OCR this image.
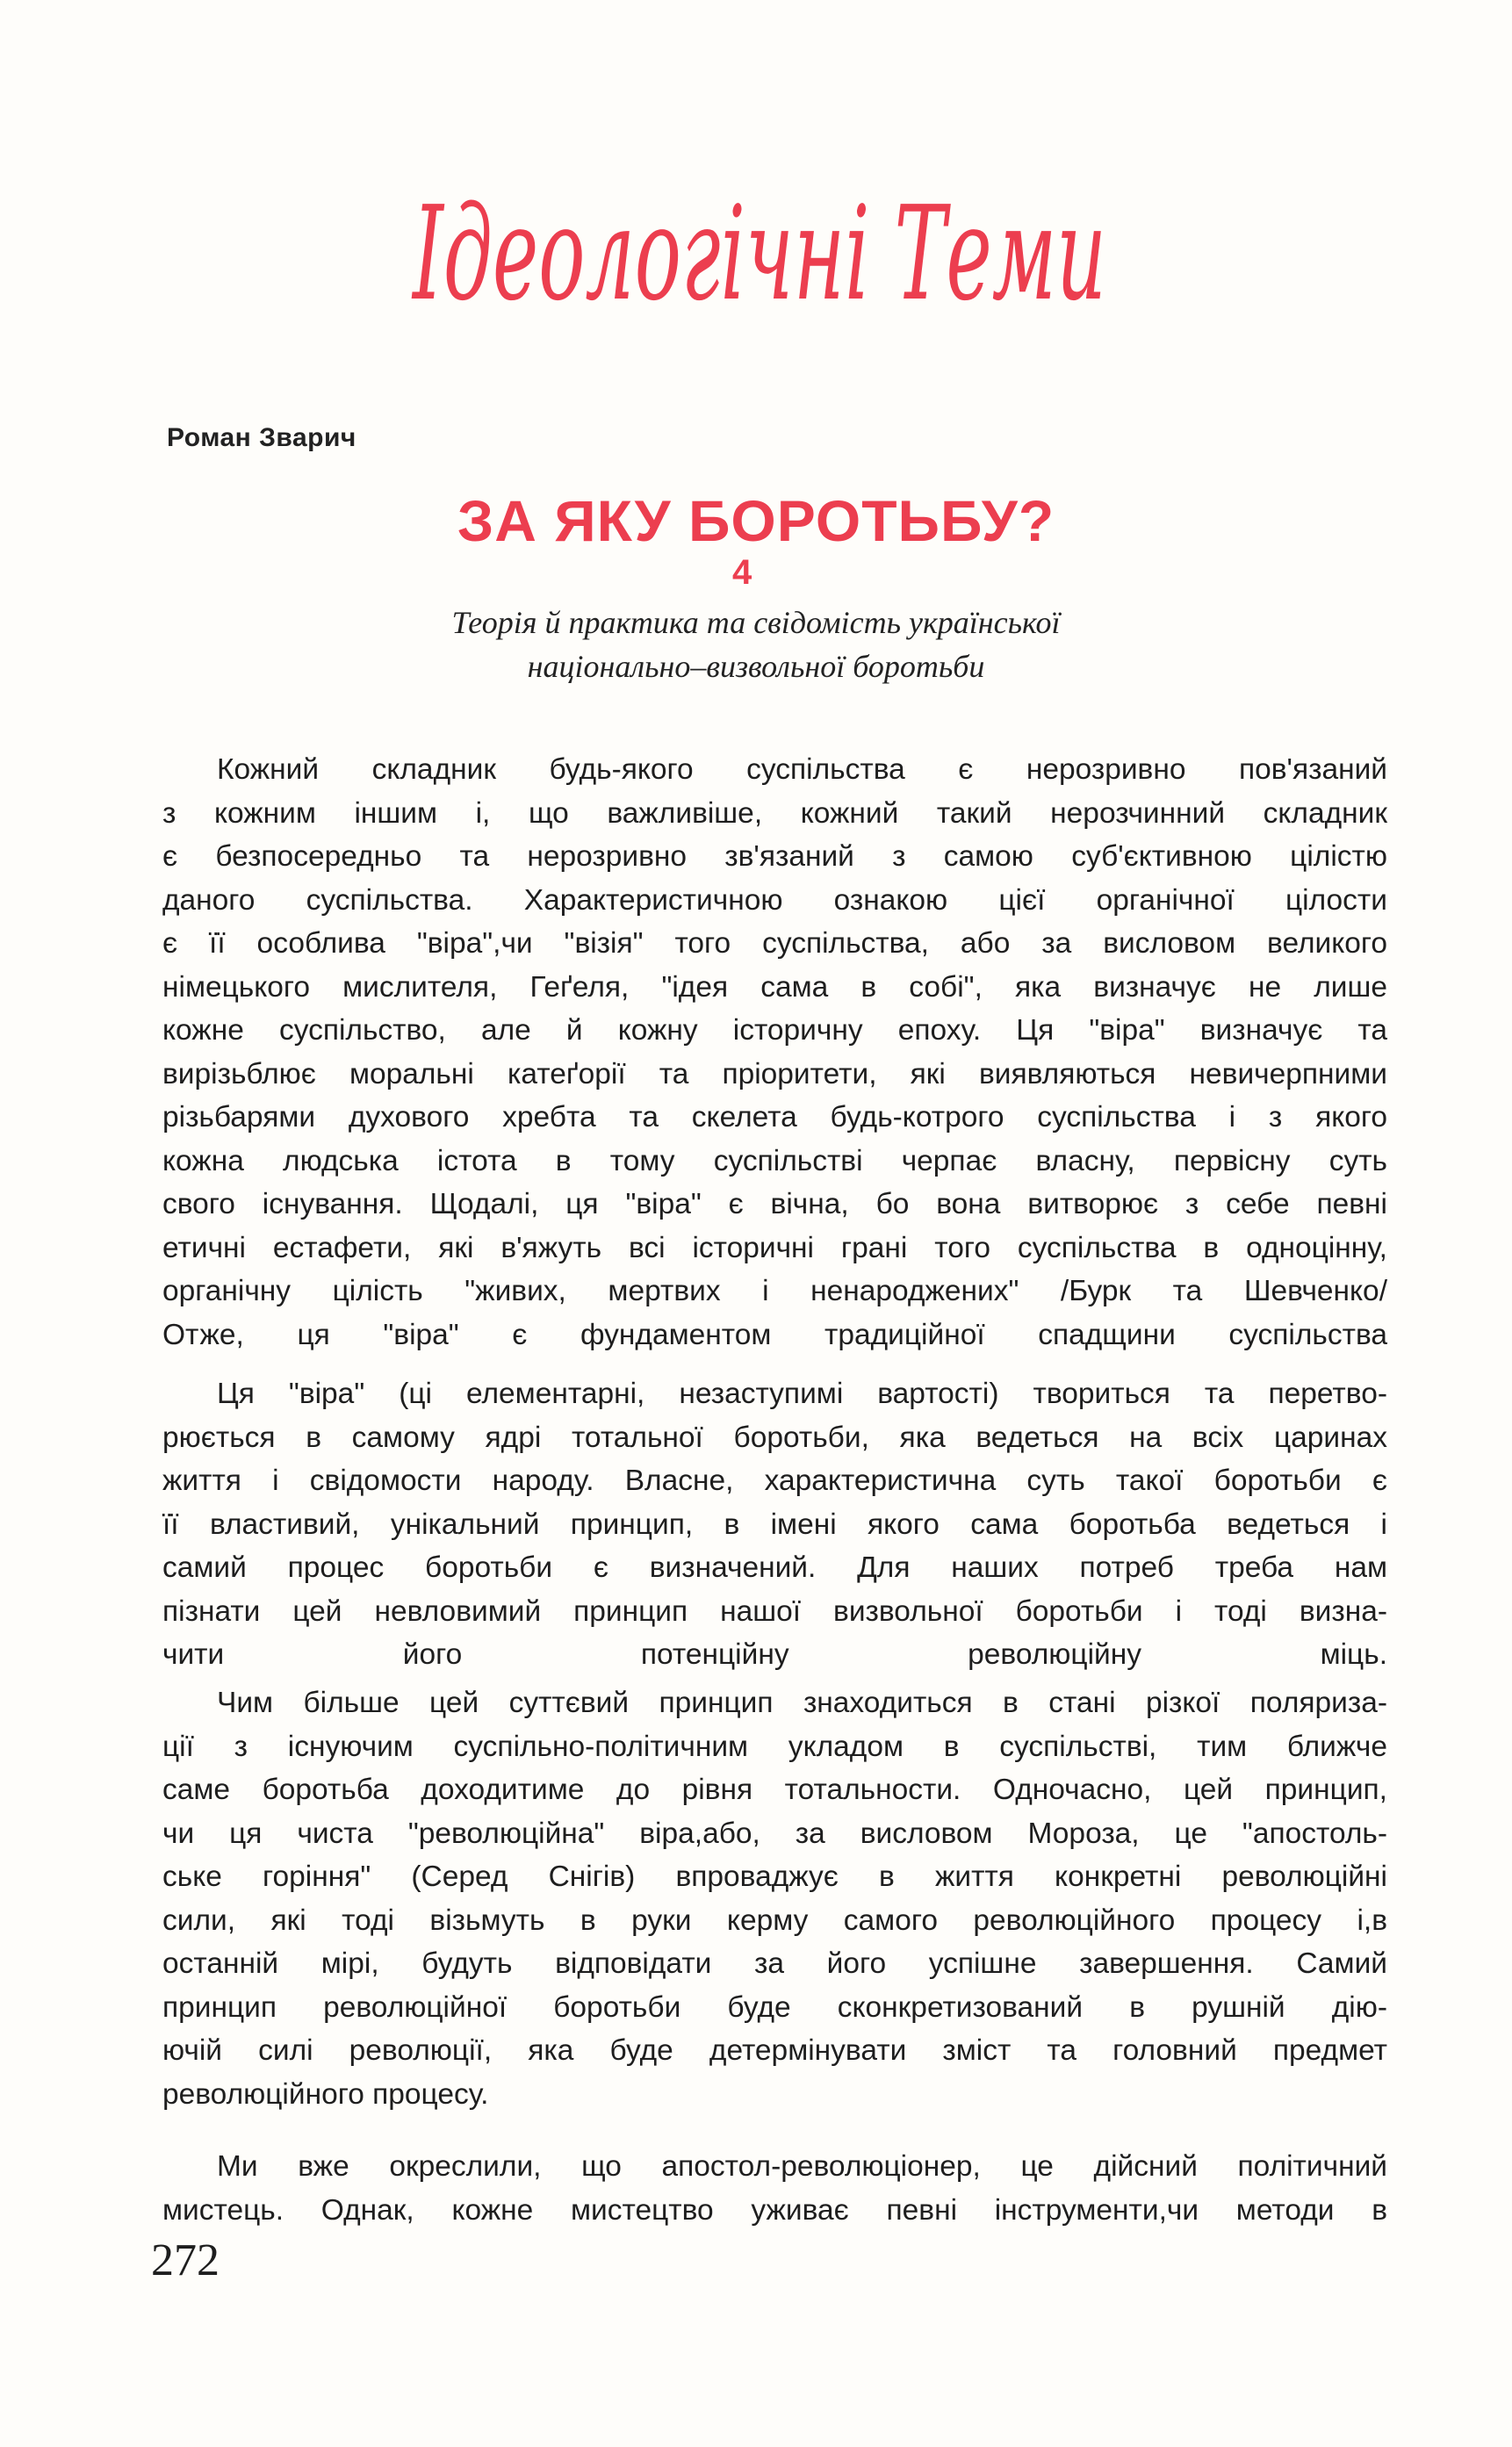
Ідеологічні Теми
Роман Зварич
ЗА ЯКУ БОРОТЬБУ?
4
Теорія й практика та свідомість української
національно–визвольної боротьби
Кожний складник будь-якого суспільства є нерозривно пов'язаний
з кожним іншим і, що важливіше, кожний такий нерозчинний складник
є безпосередньо та нерозривно зв'язаний з самою суб'єктивною цілістю
даного суспільства. Характеристичною ознакою цієї органічної цілости
є її особлива "віра",чи "візія" того суспільства, або за висловом великого
німецького мислителя, Геґеля, "ідея сама в собі", яка визначує не лише
кожне суспільство, але й кожну історичну епоху. Ця "віра" визначує та
вирізьблює моральні катеґорії та пріоритети, які виявляються невичерпними
різьбарями духового хребта та скелета будь-котрого суспільства і з якого
кожна людська істота в тому суспільстві черпає власну, первісну суть
свого існування. Щодалі, ця "віра" є вічна, бо вона витворює з себе певні
етичні естафети, які в'яжуть всі історичні грані того суспільства в одноцінну,
органічну цілість "живих, мертвих і ненароджених" /Бурк та Шевченко/
Отже, ця "віра" є фундаментом традиційної спадщини суспільства
Ця "віра" (ці елементарні, незаступимі вартості) твориться та перетво-
рюється в самому ядрі тотальної боротьби, яка ведеться на всіх царинах
життя і свідомости народу. Власне, характеристична суть такої боротьби є
її властивий, унікальний принцип, в імені якого сама боротьба ведеться і
самий процес боротьби є визначений. Для наших потреб треба нам
пізнати цей невловимий принцип нашої визвольної боротьби і тоді визна-
чити його потенційну революційну міць.
Чим більше цей суттєвий принцип знаходиться в стані різкої поляриза-
ції з існуючим суспільно-політичним укладом в суспільстві, тим ближче
саме боротьба доходитиме до рівня тотальности. Одночасно, цей принцип,
чи ця чиста "революційна" віра,або, за висловом Мороза, це "апостоль-
ське горіння" (Серед Снігів) впроваджує в життя конкретні революційні
сили, які тоді візьмуть в руки керму самого революційного процесу і,в
останній мірі, будуть відповідати за його успішне завершення. Самий
принцип революційної боротьби буде сконкретизований в рушній дію-
ючій силі революції, яка буде детермінувати зміст та головний предмет
революційного процесу.
Ми вже окреслили, що апостол-революціонер, це дійсний політичний
мистець. Однак, кожне мистецтво уживає певні інструменти,чи методи в
272
